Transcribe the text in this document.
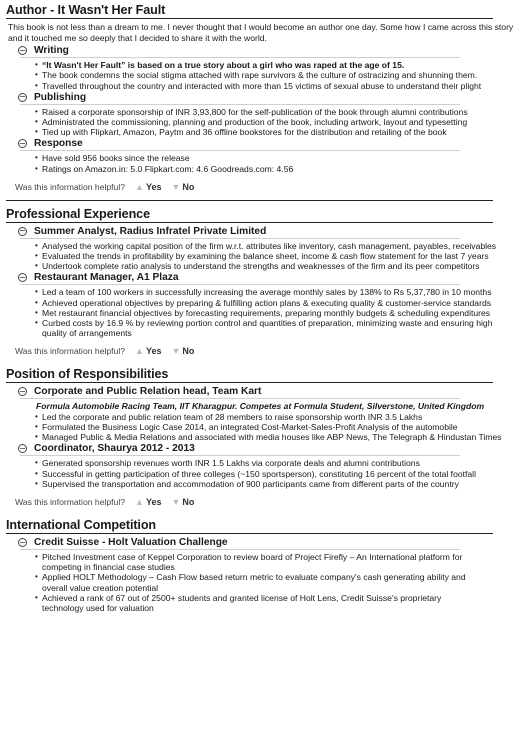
Author - It Wasn't Her Fault
This book is not less than a dream to me. I never thought that I would become an author one day. Some how I came across this story and it touched me so deeply that I decided to share it with the world.
− Writing
• “It Wasn't Her Fault” is based on a true story about a girl who was raped at the age of 15.
• The book condemns the social stigma attached with rape survivors & the culture of ostracizing and shunning them.
• Travelled throughout the country and interacted with more than 15 victims of sexual abuse to understand their plight
− Publishing
• Raised a corporate sponsorship of INR 3,93,800 for the self-publication of the book through alumni contributions
• Administrated the commissioning, planning and production of the book, including artwork, layout and typesetting
• Tied up with Flipkart, Amazon, Paytm and 36 offline bookstores for the distribution and retailing of the book
− Response
• Have sold 956 books since the release
• Ratings on Amazon.in: 5.0 Flipkart.com: 4.6 Goodreads.com: 4.56
Was this information helpful? ▲ Yes ▼ No
Professional Experience
− Summer Analyst, Radius Infratel Private Limited
• Analysed the working capital position of the firm w.r.t. attributes like inventory, cash management, payables, receivables
• Evaluated the trends in profitability by examining the balance sheet, income & cash flow statement for the last 7 years
• Undertook complete ratio analysis to understand the strengths and weaknesses of the firm and its peer competitors
− Restaurant Manager, A1 Plaza
• Led a team of 100 workers in successfully increasing the average monthly sales by 138% to Rs 5,37,780 in 10 months
• Achieved operational objectives by preparing & fulfilling action plans & executing quality & customer-service standards
• Met restaurant financial objectives by forecasting requirements, preparing monthly budgets & scheduling expenditures
• Curbed costs by 16.9 % by reviewing portion control and quantities of preparation, minimizing waste and ensuring high quality of arrangements
Was this information helpful? ▲ Yes ▼ No
Position of Responsibilities
− Corporate and Public Relation head, Team Kart
Formula Automobile Racing Team, IIT Kharagpur. Competes at Formula Student, Silverstone, United Kingdom
• Led the corporate and public relation team of 28 members to raise sponsorship worth INR 3.5 Lakhs
• Formulated the Business Logic Case 2014, an integrated Cost-Market-Sales-Profit Analysis of the automobile
• Managed Public & Media Relations and associated with media houses like ABP News, The Telegraph & Hindustan Times
− Coordinator, Shaurya 2012 - 2013
• Generated sponsorship revenues worth INR 1.5 Lakhs via corporate deals and alumni contributions
• Successful in getting participation of three colleges (~150 sportsperson), constituting 16 percent of the total footfall
• Supervised the transportation and accommodation of 900 participants came from different parts of the country
Was this information helpful? ▲ Yes ▼ No
International Competition
− Credit Suisse - Holt Valuation Challenge
• Pitched Investment case of Keppel Corporation to review board of Project Firefly – An International platform for competing in financial case studies
• Applied HOLT Methodology – Cash Flow based return metric to evaluate company's cash generating ability and overall value creation potential
• Achieved a rank of 67 out of 2500+ students and granted license of Holt Lens, Credit Suisse's proprietary technology used for valuation
